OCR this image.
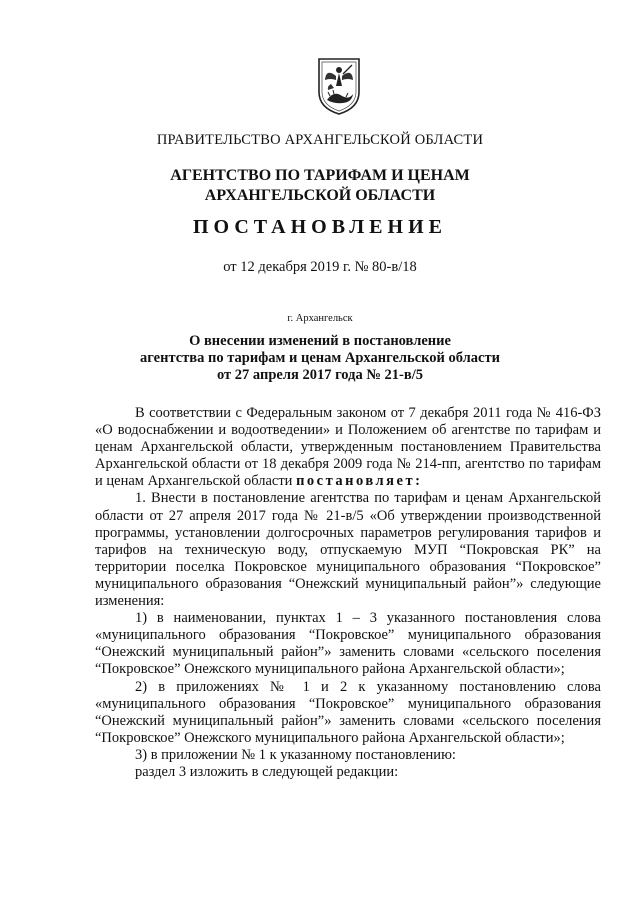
ПРАВИТЕЛЬСТВО АРХАНГЕЛЬСКОЙ ОБЛАСТИ
АГЕНТСТВО ПО ТАРИФАМ И ЦЕНАМ
АРХАНГЕЛЬСКОЙ ОБЛАСТИ
ПОСТАНОВЛЕНИЕ
от 12 декабря 2019 г. № 80-в/18
г. Архангельск
О внесении изменений в постановление
агентства по тарифам и ценам Архангельской области
от 27 апреля 2017 года № 21-в/5

В соответствии с Федеральным законом от 7 декабря 2011 года № 416-ФЗ «О водоснабжении и водоотведении» и Положением об агентстве по тарифам и ценам Архангельской области, утвержденным постановлением Правительства Архангельской области от 18 декабря 2009 года № 214-пп, агентство по тарифам и ценам Архангельской области постановляет:

1. Внести в постановление агентства по тарифам и ценам Архангельской области от 27 апреля 2017 года № 21-в/5 «Об утверждении производственной программы, установлении долгосрочных параметров регулирования тарифов и тарифов на техническую воду, отпускаемую МУП “Покровская РК” на территории поселка Покровское муниципального образования “Покровское” муниципального образования “Онежский муниципальный район”» следующие изменения:

1) в наименовании, пунктах 1 – 3 указанного постановления слова «муниципального образования “Покровское” муниципального образования “Онежский муниципальный район”» заменить словами «сельского поселения “Покровское” Онежского муниципального района Архангельской области»;

2) в приложениях № 1 и 2 к указанному постановлению слова «муниципального образования “Покровское” муниципального образования “Онежский муниципальный район”» заменить словами «сельского поселения “Покровское” Онежского муниципального района Архангельской области»;

3) в приложении № 1 к указанному постановлению:

раздел 3 изложить в следующей редакции:
